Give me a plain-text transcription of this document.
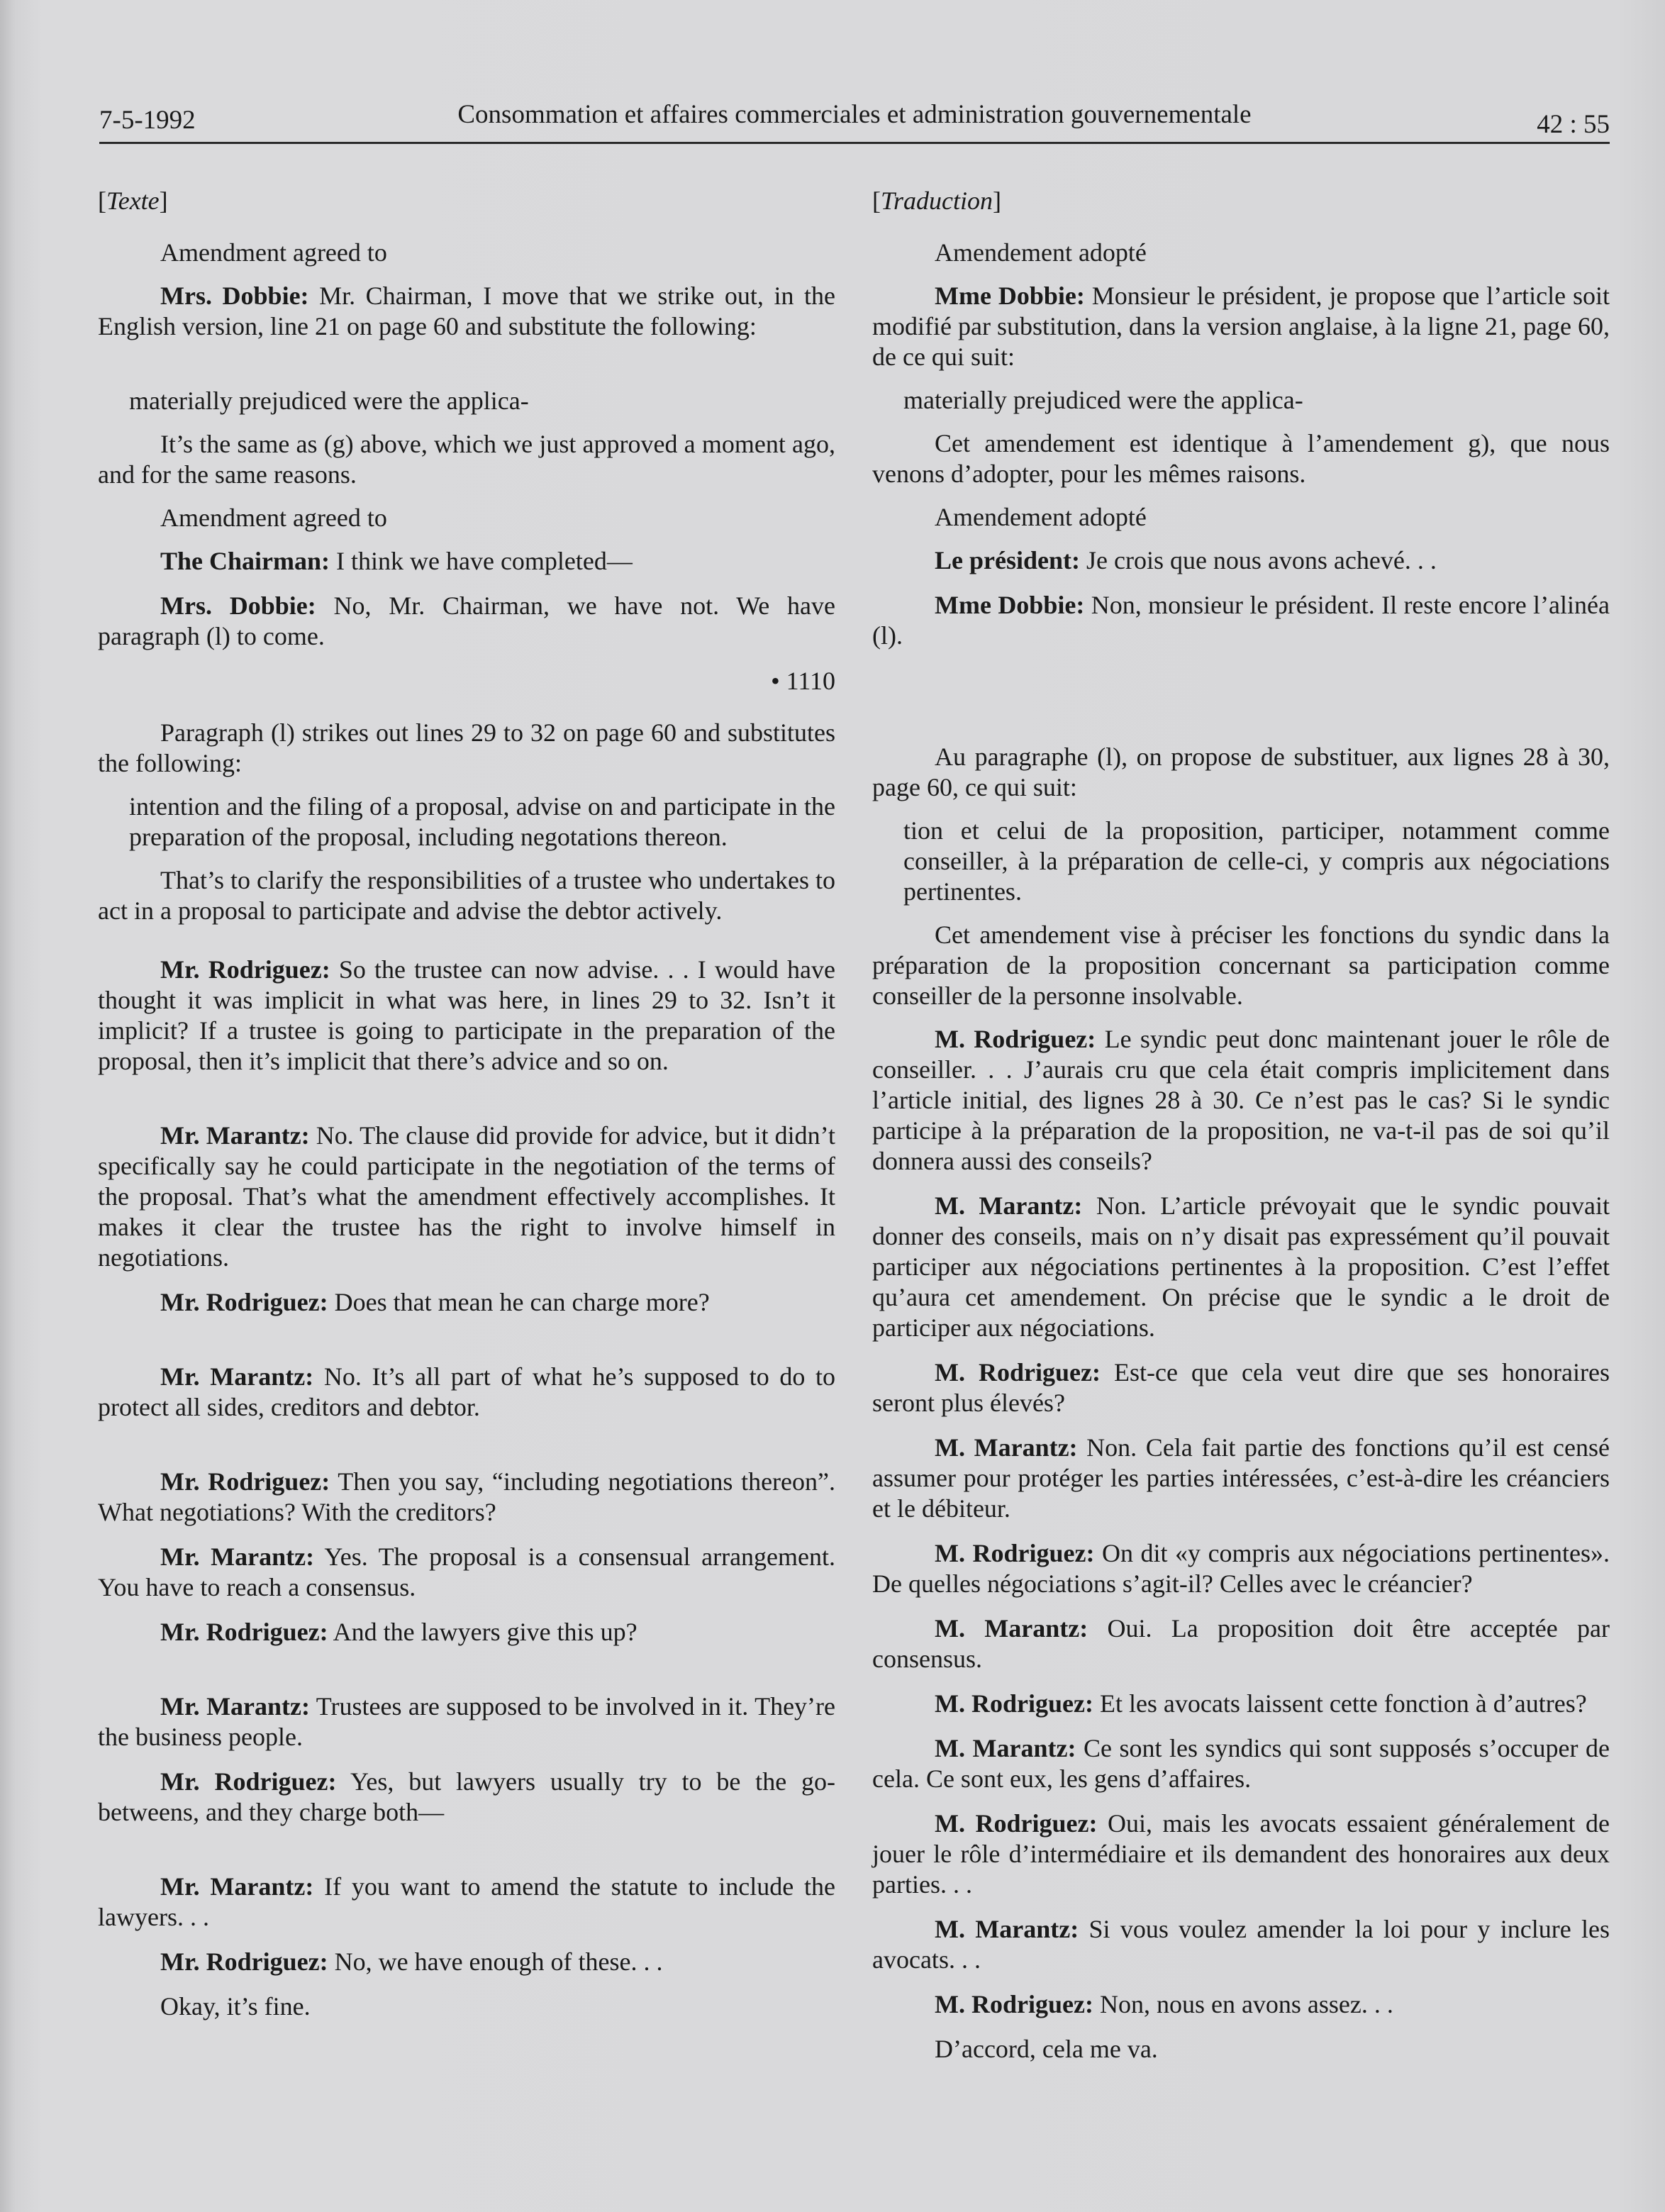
7-5-1992	Consommation et affaires commerciales et administration gouvernementale	42 : 55

[Texte]

Amendment agreed to

Mrs. Dobbie: Mr. Chairman, I move that we strike out, in the English version, line 21 on page 60 and substitute the following:

materially prejudiced were the applica-

It’s the same as (g) above, which we just approved a moment ago, and for the same reasons.

Amendment agreed to

The Chairman: I think we have completed—

Mrs. Dobbie: No, Mr. Chairman, we have not. We have paragraph (l) to come.

• 1110

Paragraph (l) strikes out lines 29 to 32 on page 60 and substitutes the following:

intention and the filing of a proposal, advise on and participate in the preparation of the proposal, including negotations thereon.

That’s to clarify the responsibilities of a trustee who undertakes to act in a proposal to participate and advise the debtor actively.

Mr. Rodriguez: So the trustee can now advise. . . I would have thought it was implicit in what was here, in lines 29 to 32. Isn’t it implicit? If a trustee is going to participate in the preparation of the proposal, then it’s implicit that there’s advice and so on.

Mr. Marantz: No. The clause did provide for advice, but it didn’t specifically say he could participate in the negotiation of the terms of the proposal. That’s what the amendment effectively accomplishes. It makes it clear the trustee has the right to involve himself in negotiations.

Mr. Rodriguez: Does that mean he can charge more?

Mr. Marantz: No. It’s all part of what he’s supposed to do to protect all sides, creditors and debtor.

Mr. Rodriguez: Then you say, “including negotiations thereon”. What negotiations? With the creditors?

Mr. Marantz: Yes. The proposal is a consensual arrangement. You have to reach a consensus.

Mr. Rodriguez: And the lawyers give this up?

Mr. Marantz: Trustees are supposed to be involved in it. They’re the business people.

Mr. Rodriguez: Yes, but lawyers usually try to be the go-betweens, and they charge both—

Mr. Marantz: If you want to amend the statute to include the lawyers. . .

Mr. Rodriguez: No, we have enough of these. . .

Okay, it’s fine.

[Traduction]

Amendement adopté

Mme Dobbie: Monsieur le président, je propose que l’article soit modifié par substitution, dans la version anglaise, à la ligne 21, page 60, de ce qui suit:

materially prejudiced were the applica-

Cet amendement est identique à l’amendement g), que nous venons d’adopter, pour les mêmes raisons.

Amendement adopté

Le président: Je crois que nous avons achevé. . .

Mme Dobbie: Non, monsieur le président. Il reste encore l’alinéa (l).

Au paragraphe (l), on propose de substituer, aux lignes 28 à 30, page 60, ce qui suit:

tion et celui de la proposition, participer, notamment comme conseiller, à la préparation de celle-ci, y compris aux négociations pertinentes.

Cet amendement vise à préciser les fonctions du syndic dans la préparation de la proposition concernant sa participation comme conseiller de la personne insolvable.

M. Rodriguez: Le syndic peut donc maintenant jouer le rôle de conseiller. . . J’aurais cru que cela était compris implicitement dans l’article initial, des lignes 28 à 30. Ce n’est pas le cas? Si le syndic participe à la préparation de la proposition, ne va-t-il pas de soi qu’il donnera aussi des conseils?

M. Marantz: Non. L’article prévoyait que le syndic pouvait donner des conseils, mais on n’y disait pas expressément qu’il pouvait participer aux négociations pertinentes à la proposition. C’est l’effet qu’aura cet amendement. On précise que le syndic a le droit de participer aux négociations.

M. Rodriguez: Est-ce que cela veut dire que ses honoraires seront plus élevés?

M. Marantz: Non. Cela fait partie des fonctions qu’il est censé assumer pour protéger les parties intéressées, c’est-à-dire les créanciers et le débiteur.

M. Rodriguez: On dit «y compris aux négociations pertinentes». De quelles négociations s’agit-il? Celles avec le créancier?

M. Marantz: Oui. La proposition doit être acceptée par consensus.

M. Rodriguez: Et les avocats laissent cette fonction à d’autres?

M. Marantz: Ce sont les syndics qui sont supposés s’occuper de cela. Ce sont eux, les gens d’affaires.

M. Rodriguez: Oui, mais les avocats essaient généralement de jouer le rôle d’intermédiaire et ils demandent des honoraires aux deux parties. . .

M. Marantz: Si vous voulez amender la loi pour y inclure les avocats. . .

M. Rodriguez: Non, nous en avons assez. . .

D’accord, cela me va.
